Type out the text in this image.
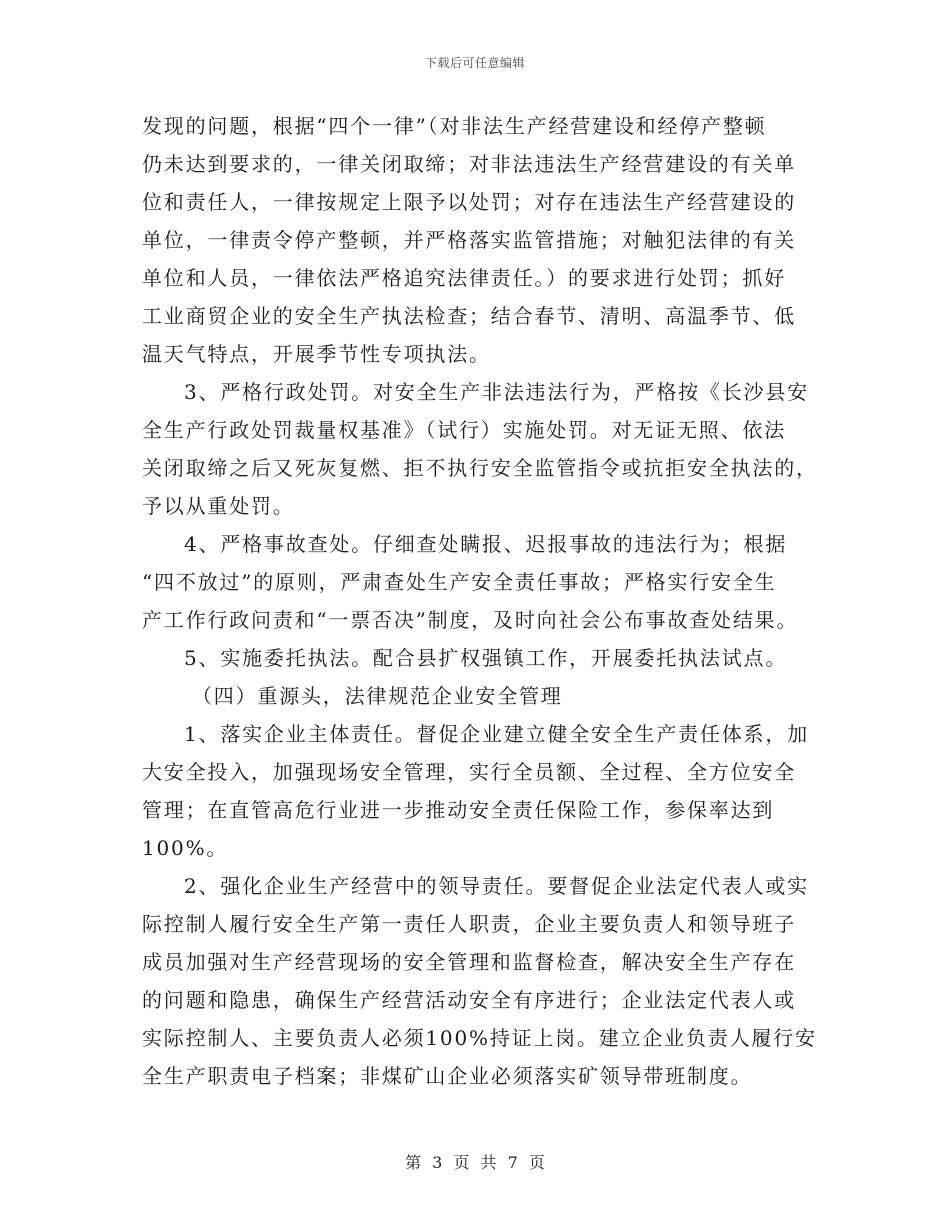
下载后可任意编辑
发现的问题，根据“四个一律”（对非法生产经营建设和经停产整顿
仍未达到要求的，一律关闭取缔；对非法违法生产经营建设的有关单
位和责任人，一律按规定上限予以处罚；对存在违法生产经营建设的
单位，一律责令停产整顿，并严格落实监管措施；对触犯法律的有关
单位和人员，一律依法严格追究法律责任。）的要求进行处罚；抓好
工业商贸企业的安全生产执法检查；结合春节、清明、高温季节、低
温天气特点，开展季节性专项执法。
3、严格行政处罚。对安全生产非法违法行为，严格按《长沙县安
全生产行政处罚裁量权基准》（试行）实施处罚。对无证无照、依法
关闭取缔之后又死灰复燃、拒不执行安全监管指令或抗拒安全执法的，
予以从重处罚。
4、严格事故查处。仔细查处瞒报、迟报事故的违法行为；根据
“四不放过”的原则，严肃查处生产安全责任事故；严格实行安全生
产工作行政问责和“一票否决”制度，及时向社会公布事故查处结果。
5、实施委托执法。配合县扩权强镇工作，开展委托执法试点。
（四）重源头，法律规范企业安全管理
1、落实企业主体责任。督促企业建立健全安全生产责任体系，加
大安全投入，加强现场安全管理，实行全员额、全过程、全方位安全
管理；在直管高危行业进一步推动安全责任保险工作，参保率达到
100%。
2、强化企业生产经营中的领导责任。要督促企业法定代表人或实
际控制人履行安全生产第一责任人职责，企业主要负责人和领导班子
成员加强对生产经营现场的安全管理和监督检查，解决安全生产存在
的问题和隐患，确保生产经营活动安全有序进行；企业法定代表人或
实际控制人、主要负责人必须100%持证上岗。建立企业负责人履行安
全生产职责电子档案；非煤矿山企业必须落实矿领导带班制度。
第 3 页 共 7 页
